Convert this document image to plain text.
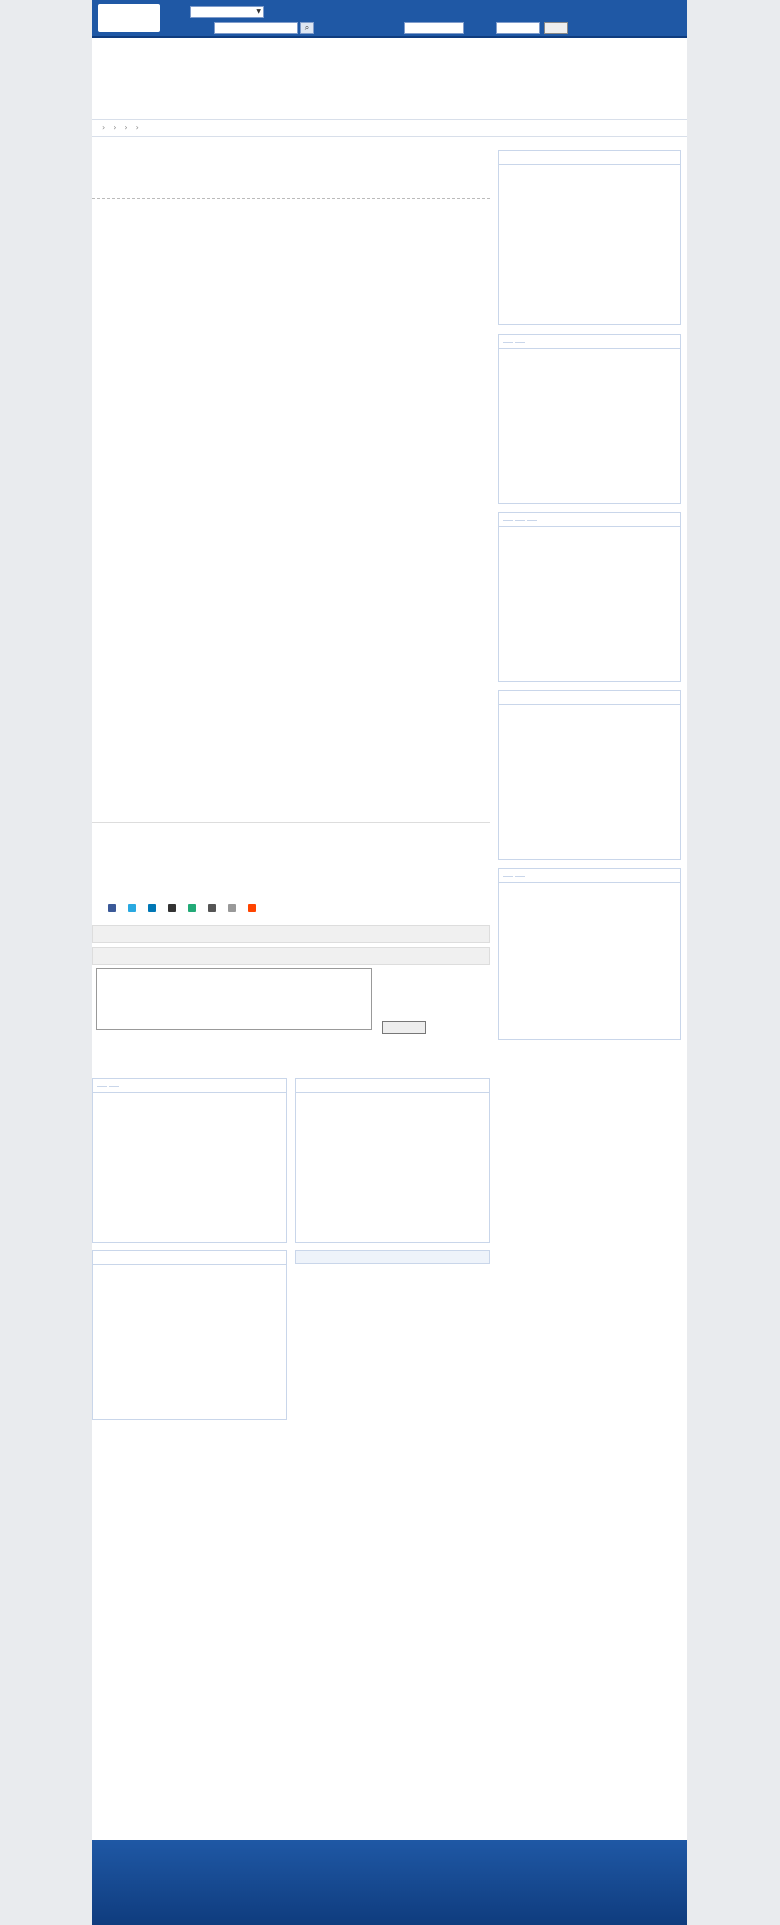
▼
⌕
› › › ›
